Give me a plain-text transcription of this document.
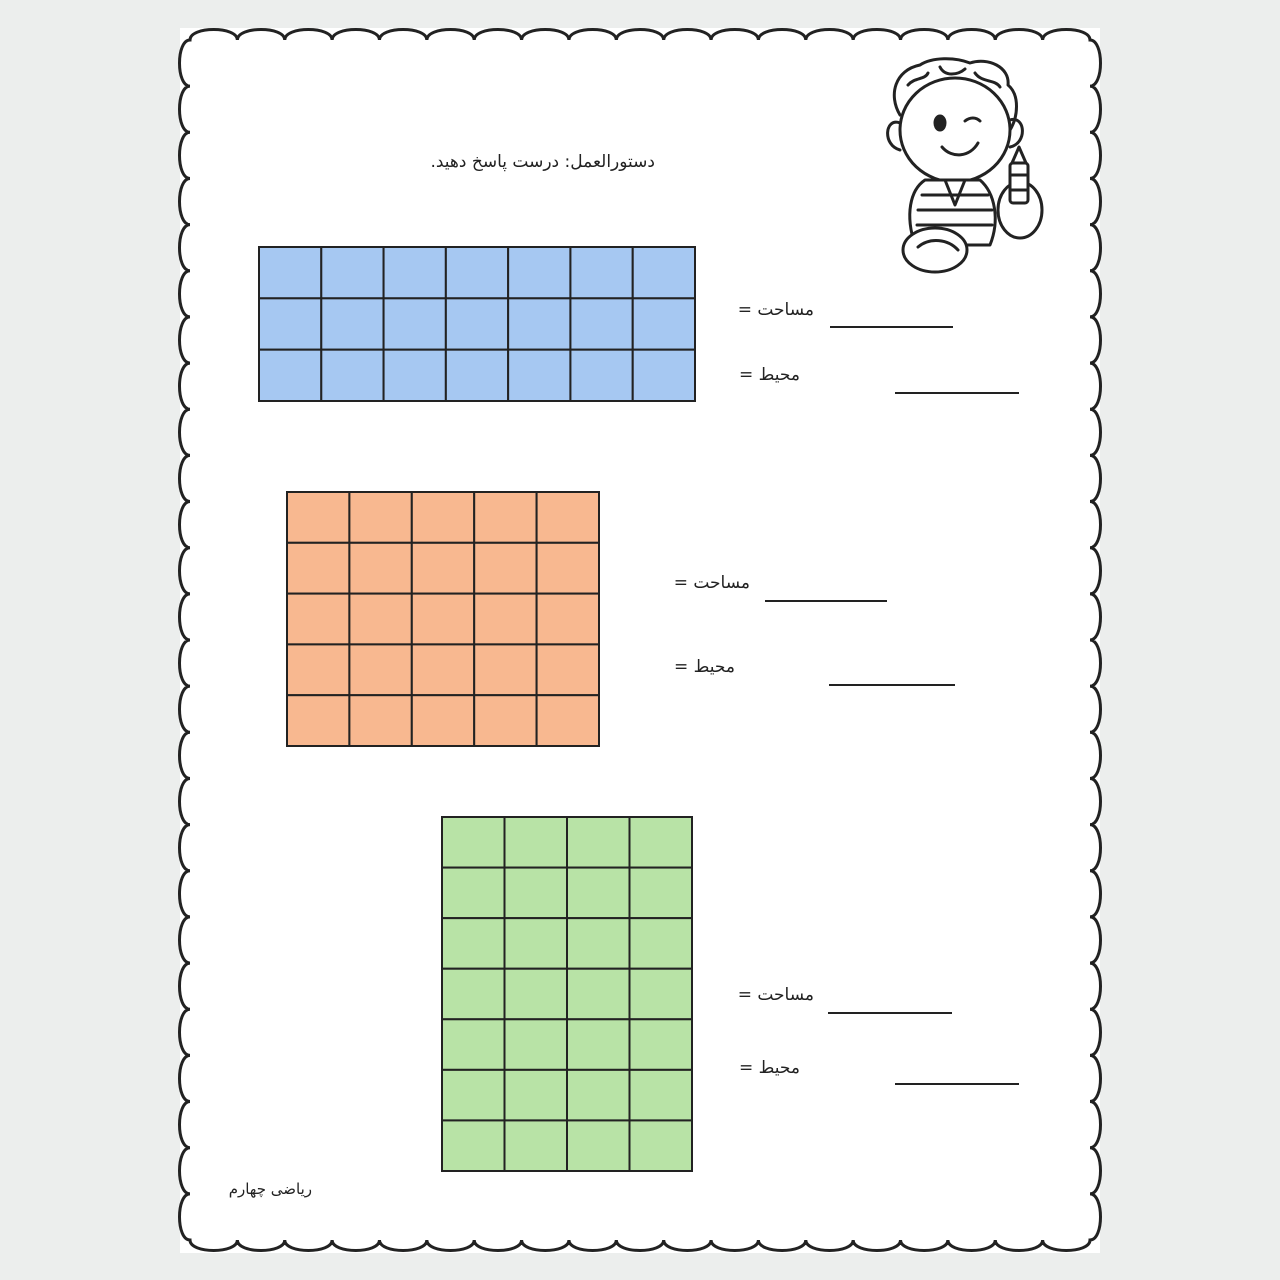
دستورالعمل: درست پاسخ دهید.
مساحت =
محیط =
مساحت =
محیط =
مساحت =
محیط =
ریاضی چهارم
